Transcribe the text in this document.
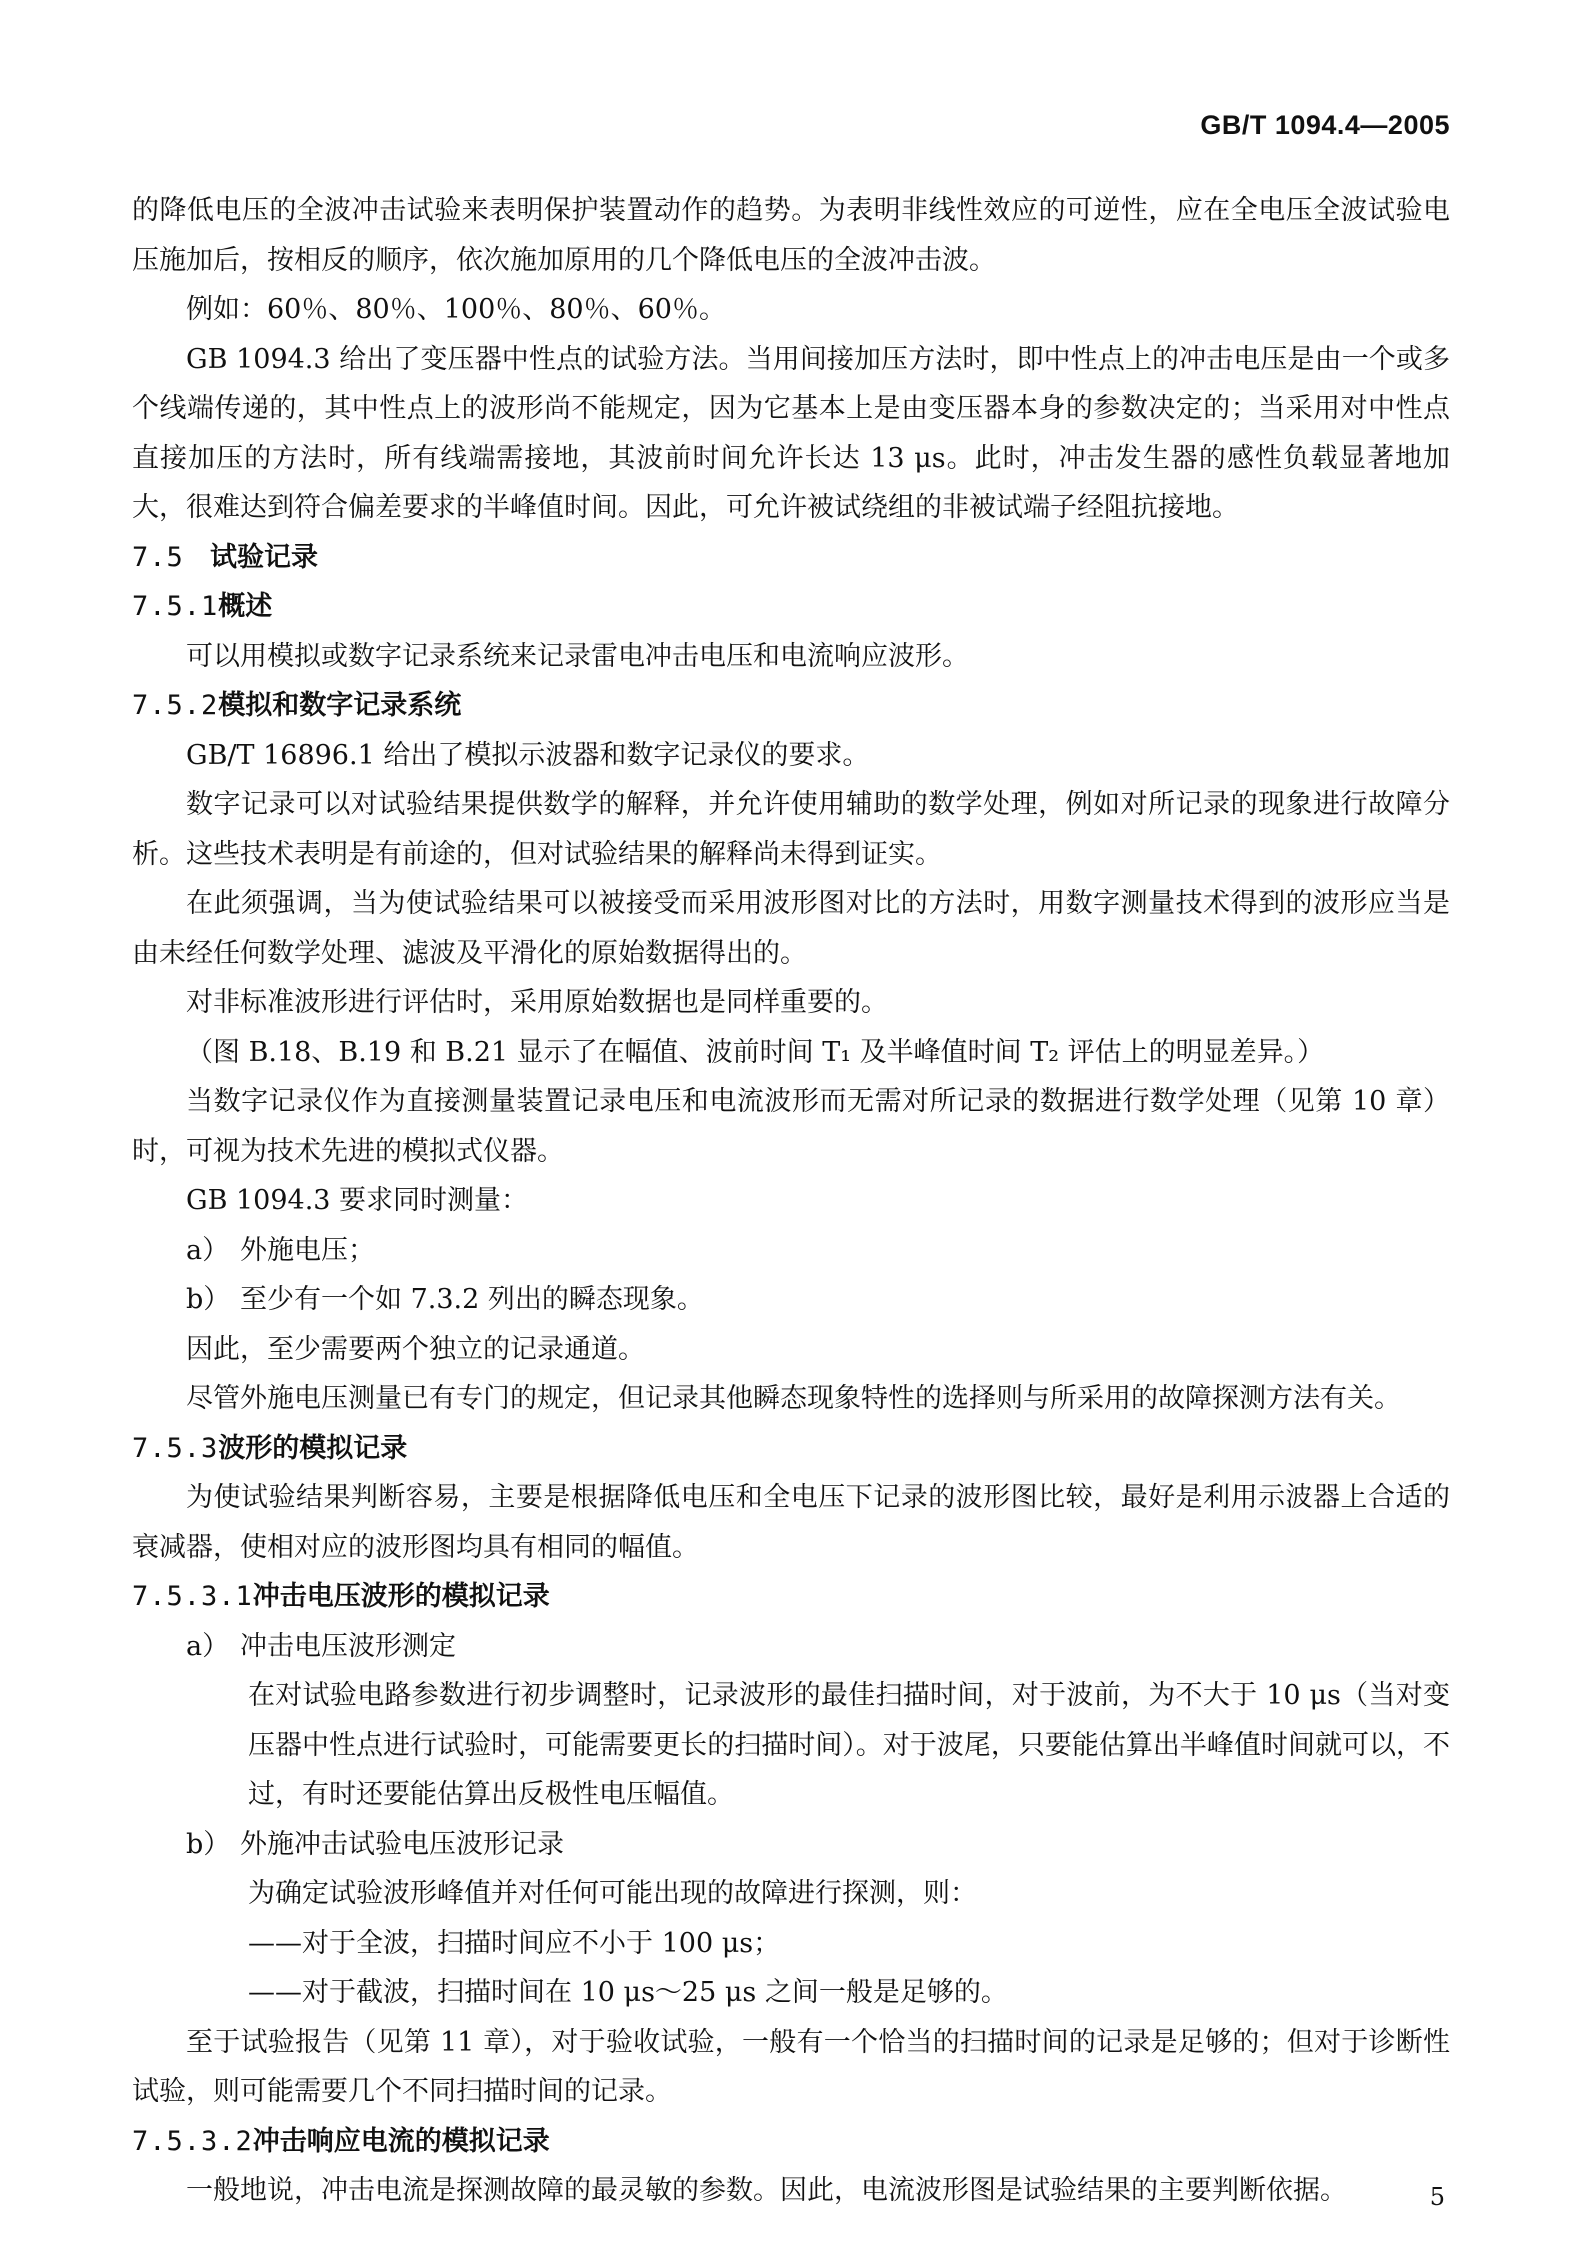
GB/T 1094.4—2005

的降低电压的全波冲击试验来表明保护装置动作的趋势。为表明非线性效应的可逆性，应在全电压全波试验电压施加后，按相反的顺序，依次施加原用的几个降低电压的全波冲击波。

例如：60％、80％、100％、80％、60％。

GB 1094.3 给出了变压器中性点的试验方法。当用间接加压方法时，即中性点上的冲击电压是由一个或多个线端传递的，其中性点上的波形尚不能规定，因为它基本上是由变压器本身的参数决定的；当采用对中性点直接加压的方法时，所有线端需接地，其波前时间允许长达 13 μs。此时，冲击发生器的感性负载显著地加大，很难达到符合偏差要求的半峰值时间。因此，可允许被试绕组的非被试端子经阻抗接地。

7.5 试验记录

7.5.1概述

可以用模拟或数字记录系统来记录雷电冲击电压和电流响应波形。

7.5.2模拟和数字记录系统

GB/T 16896.1 给出了模拟示波器和数字记录仪的要求。

数字记录可以对试验结果提供数学的解释，并允许使用辅助的数学处理，例如对所记录的现象进行故障分析。这些技术表明是有前途的，但对试验结果的解释尚未得到证实。

在此须强调，当为使试验结果可以被接受而采用波形图对比的方法时，用数字测量技术得到的波形应当是由未经任何数学处理、滤波及平滑化的原始数据得出的。

对非标准波形进行评估时，采用原始数据也是同样重要的。

（图 B.18、B.19 和 B.21 显示了在幅值、波前时间 T₁ 及半峰值时间 T₂ 评估上的明显差异。）

当数字记录仪作为直接测量装置记录电压和电流波形而无需对所记录的数据进行数学处理（见第 10 章）时，可视为技术先进的模拟式仪器。

GB 1094.3 要求同时测量：

a） 外施电压；

b） 至少有一个如 7.3.2 列出的瞬态现象。

因此，至少需要两个独立的记录通道。

尽管外施电压测量已有专门的规定，但记录其他瞬态现象特性的选择则与所采用的故障探测方法有关。

7.5.3波形的模拟记录

为使试验结果判断容易，主要是根据降低电压和全电压下记录的波形图比较，最好是利用示波器上合适的衰减器，使相对应的波形图均具有相同的幅值。

7.5.3.1冲击电压波形的模拟记录

a） 冲击电压波形测定

在对试验电路参数进行初步调整时，记录波形的最佳扫描时间，对于波前，为不大于 10 μs（当对变压器中性点进行试验时，可能需要更长的扫描时间）。对于波尾，只要能估算出半峰值时间就可以，不过，有时还要能估算出反极性电压幅值。

b） 外施冲击试验电压波形记录

为确定试验波形峰值并对任何可能出现的故障进行探测，则：

——对于全波，扫描时间应不小于 100 μs；

——对于截波，扫描时间在 10 μs～25 μs 之间一般是足够的。

至于试验报告（见第 11 章），对于验收试验，一般有一个恰当的扫描时间的记录是足够的；但对于诊断性试验，则可能需要几个不同扫描时间的记录。

7.5.3.2冲击响应电流的模拟记录

一般地说，冲击电流是探测故障的最灵敏的参数。因此，电流波形图是试验结果的主要判断依据。	5
